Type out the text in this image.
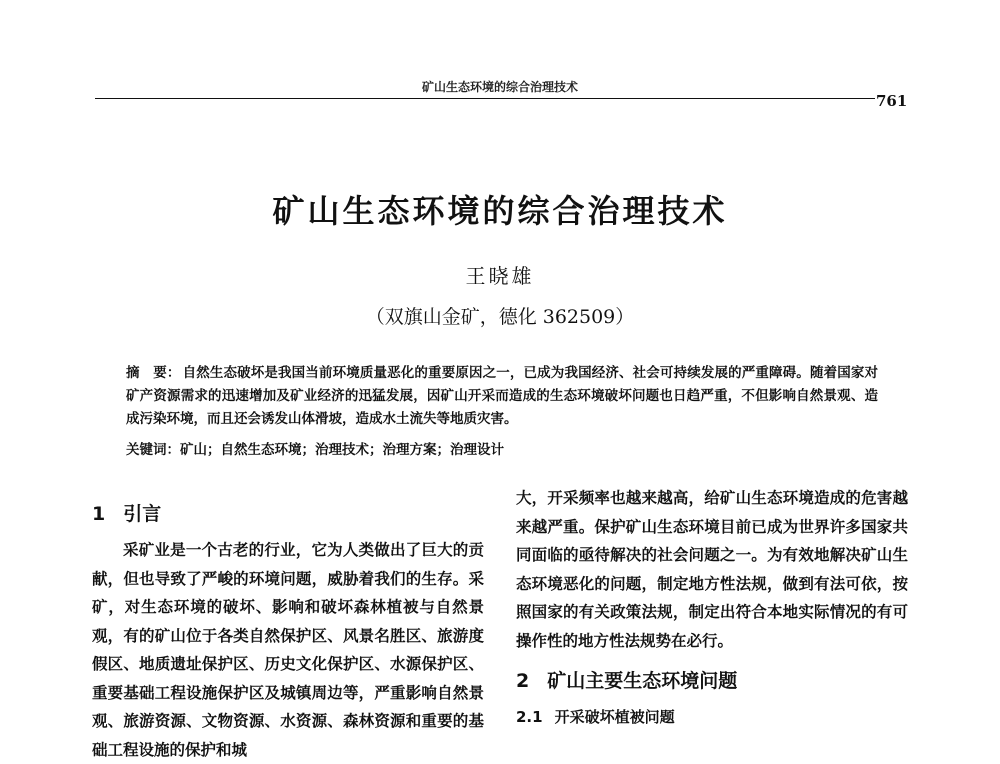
矿山生态环境的综合治理技术
761
矿山生态环境的综合治理技术
王晓雄
（双旗山金矿，德化 362509）

摘　要： 自然生态破坏是我国当前环境质量恶化的重要原因之一，已成为我国经济、社会可持续发展的严重障碍。随着国家对矿产资源需求的迅速增加及矿业经济的迅猛发展，因矿山开采而造成的生态环境破坏问题也日趋严重，不但影响自然景观、造成污染环境，而且还会诱发山体滑坡，造成水土流失等地质灾害。

关键词：矿山；自然生态环境；治理技术；治理方案；治理设计
1 引言

采矿业是一个古老的行业，它为人类做出了巨大的贡献，但也导致了严峻的环境问题，威胁着我们的生存。采矿，对生态环境的破坏、影响和破坏森林植被与自然景观，有的矿山位于各类自然保护区、风景名胜区、旅游度假区、地质遗址保护区、历史文化保护区、水源保护区、重要基础工程设施保护区及城镇周边等，严重影响自然景观、旅游资源、文物资源、水资源、森林资源和重要的基础工程设施的保护和城

大，开采频率也越来越高，给矿山生态环境造成的危害越来越严重。保护矿山生态环境目前已成为世界许多国家共同面临的亟待解决的社会问题之一。为有效地解决矿山生态环境恶化的问题，制定地方性法规，做到有法可依，按照国家的有关政策法规，制定出符合本地实际情况的有可操作性的地方性法规势在必行。

2 矿山主要生态环境问题
2.1 开采破坏植被问题
